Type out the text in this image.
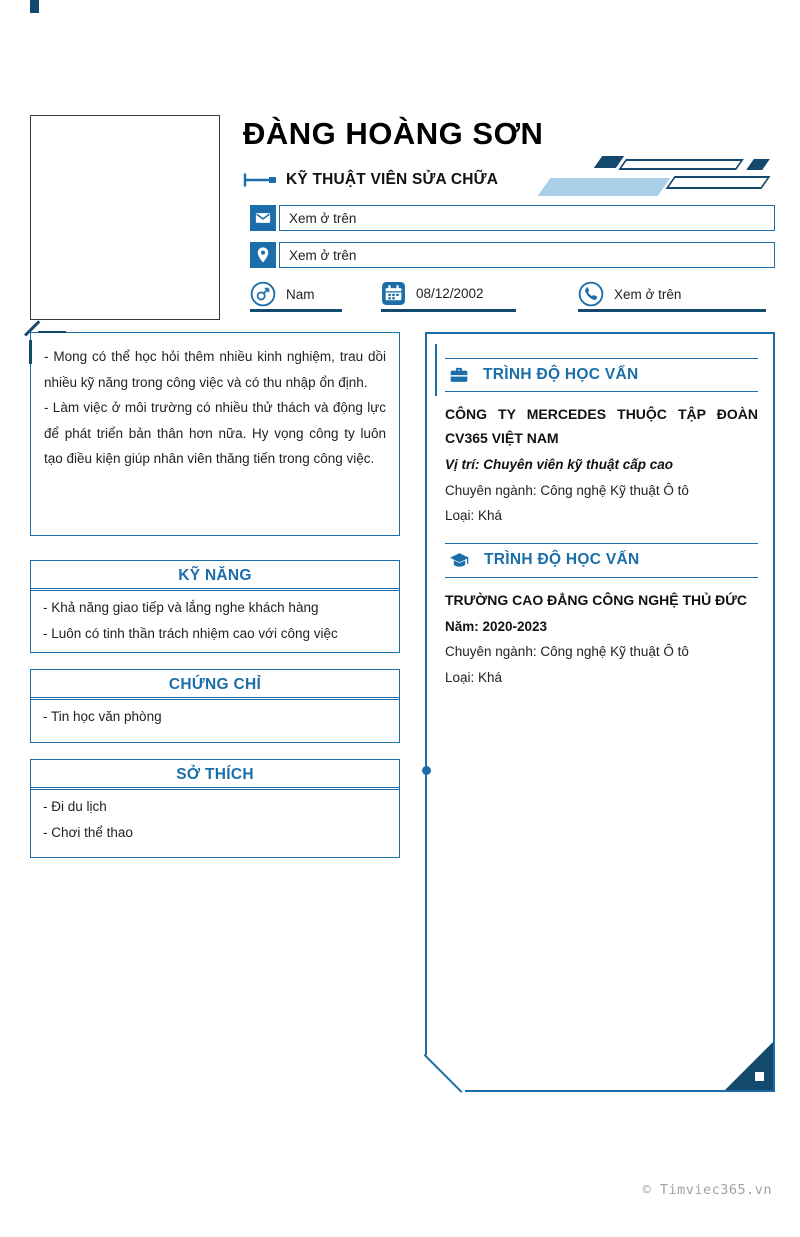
ĐÀNG HOÀNG SƠN
KỸ THUẬT VIÊN SỬA CHỮA
Xem ở trên
Xem ở trên
Nam	08/12/2002	Xem ở trên

- Mong có thể học hỏi thêm nhiều kinh nghiệm, trau dồi nhiều kỹ năng trong công việc và có thu nhập ổn định.

- Làm việc ở môi trường có nhiều thử thách và động lực để phát triển bản thân hơn nữa. Hy vọng công ty luôn tạo điều kiện giúp nhân viên thăng tiến trong công việc.

KỸ NĂNG
- Khả năng giao tiếp và lắng nghe khách hàng
- Luôn có tinh thần trách nhiệm cao với công việc
CHỨNG CHỈ
- Tin học văn phòng
SỞ THÍCH
- Đi du lịch
- Chơi thể thao
TRÌNH ĐỘ HỌC VẤN
CÔNG TY MERCEDES THUỘC TẬP ĐOÀN CV365 VIỆT NAM
Vị trí: Chuyên viên kỹ thuật cấp cao
Chuyên ngành: Công nghệ Kỹ thuật Ô tô
Loại: Khá
TRÌNH ĐỘ HỌC VẤN
TRƯỜNG CAO ĐẲNG CÔNG NGHỆ THỦ ĐỨC
Năm: 2020-2023
Chuyên ngành: Công nghệ Kỹ thuật Ô tô
Loại: Khá
© Timviec365.vn
